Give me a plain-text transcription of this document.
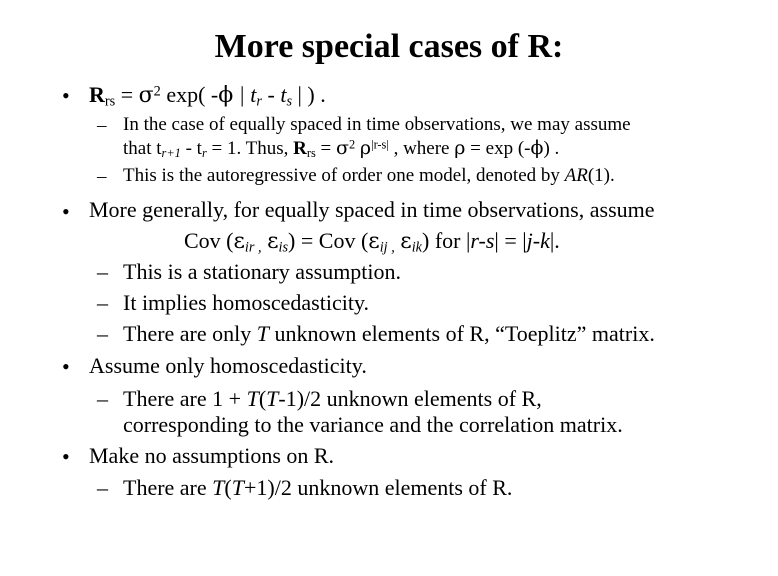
More special cases of R:
• $R_{rs} = \sigma^2$ exp( -ϕ | $t_r - t_s$ | ) .
– In the case of equally spaced in time observations, we may assume
that $t_{r+1} - t_r = 1$. Thus, $R_{rs} = \sigma^2$ $\rho^{|r-s|}$ , where ρ = exp (-ϕ) .
– This is the autoregressive of order one model, denoted by AR(1).
• More generally, for equally spaced in time observations, assume
Cov ($\varepsilon_{ir ,}$ $\varepsilon_{is}$) = Cov ($\varepsilon_{ij ,}$ $\varepsilon_{ik}$) for |r-s| = |j-k|.
– This is a stationary assumption.
– It implies homoscedasticity.
– There are only T unknown elements of R, “Toeplitz” matrix.
• Assume only homoscedasticity.
– There are 1 + T(T-1)/2 unknown elements of R,
corresponding to the variance and the correlation matrix.
• Make no assumptions on R.
– There are T(T+1)/2 unknown elements of R.
